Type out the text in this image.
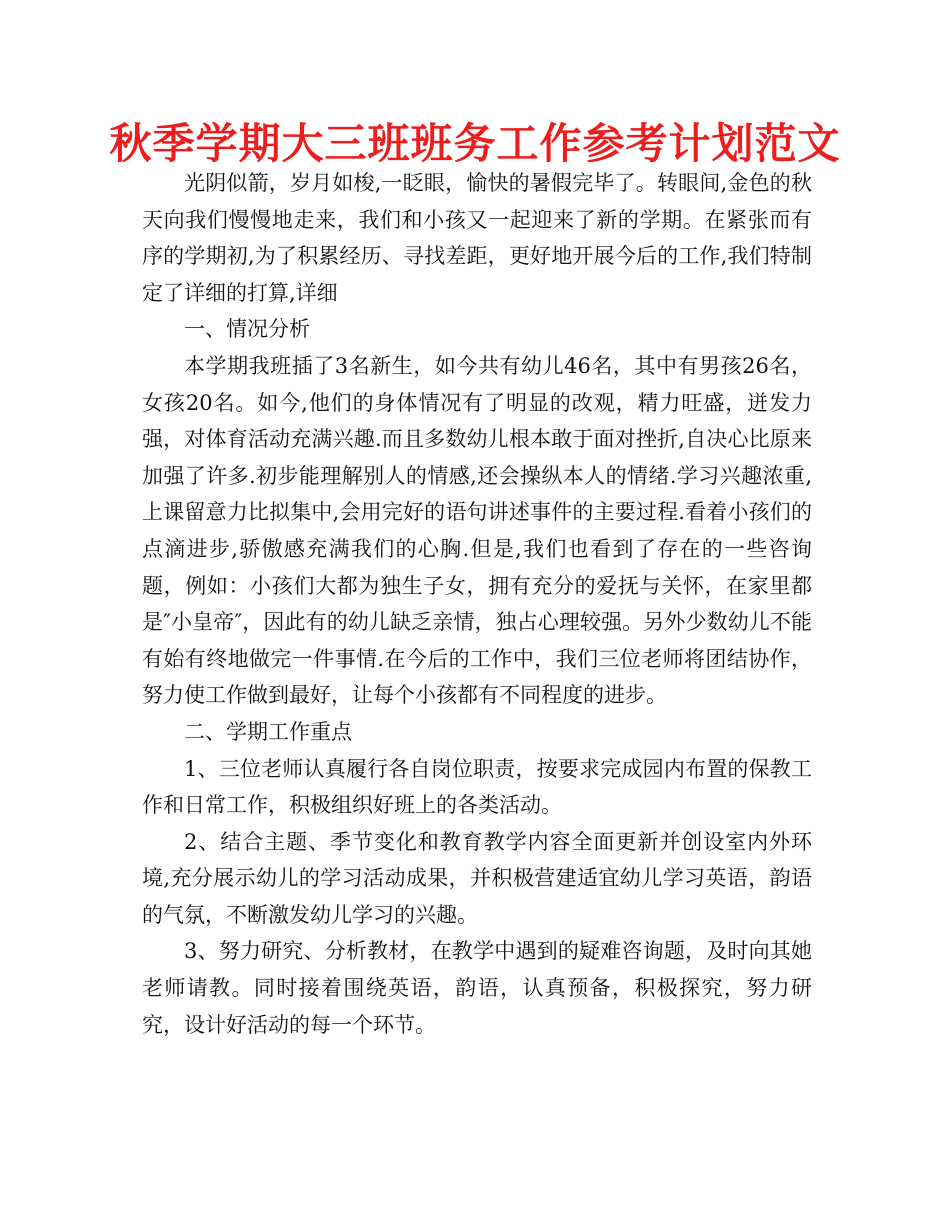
秋季学期大三班班务工作参考计划范文

光阴似箭，岁月如梭,一眨眼，愉快的暑假完毕了。转眼间,金色的秋天向我们慢慢地走来，我们和小孩又一起迎来了新的学期。在紧张而有序的学期初,为了积累经历、寻找差距，更好地开展今后的工作,我们特制定了详细的打算,详细

一、情况分析

本学期我班插了3名新生，如今共有幼儿46名，其中有男孩26名，女孩20名。如今,他们的身体情况有了明显的改观，精力旺盛，迸发力强，对体育活动充满兴趣.而且多数幼儿根本敢于面对挫折,自决心比原来加强了许多.初步能理解别人的情感,还会操纵本人的情绪.学习兴趣浓重,上课留意力比拟集中,会用完好的语句讲述事件的主要过程.看着小孩们的点滴进步,骄傲感充满我们的心胸.但是,我们也看到了存在的一些咨询题，例如：小孩们大都为独生子女，拥有充分的爱抚与关怀，在家里都是″小皇帝″，因此有的幼儿缺乏亲情，独占心理较强。另外少数幼儿不能有始有终地做完一件事情.在今后的工作中，我们三位老师将团结协作，努力使工作做到最好，让每个小孩都有不同程度的进步。

二、学期工作重点

1、三位老师认真履行各自岗位职责，按要求完成园内布置的保教工作和日常工作，积极组织好班上的各类活动。

2、结合主题、季节变化和教育教学内容全面更新并创设室内外环境,充分展示幼儿的学习活动成果，并积极营建适宜幼儿学习英语，韵语的气氛，不断激发幼儿学习的兴趣。

3、努力研究、分析教材，在教学中遇到的疑难咨询题，及时向其她老师请教。同时接着围绕英语，韵语，认真预备，积极探究，努力研究，设计好活动的每一个环节。
